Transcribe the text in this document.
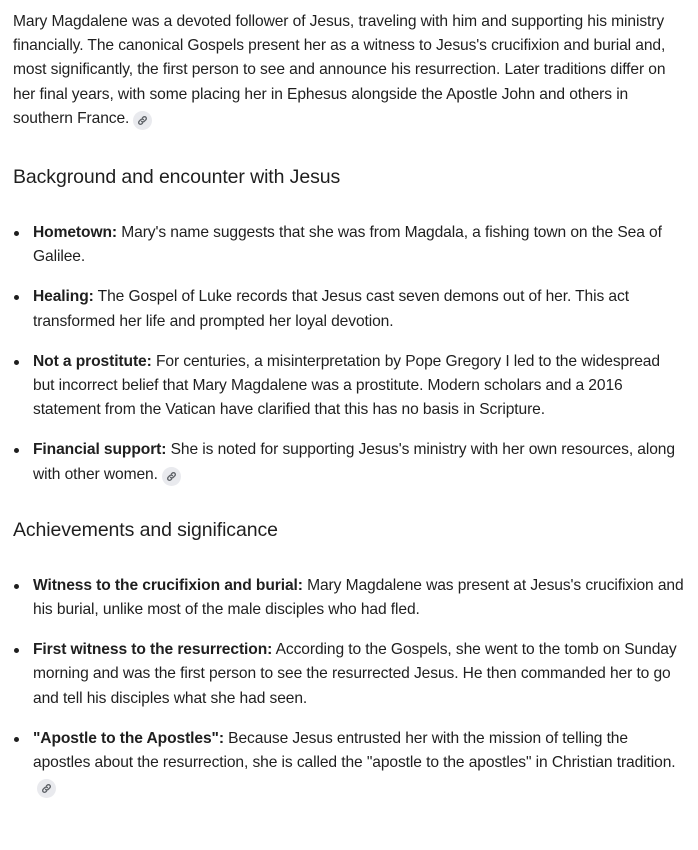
Mary Magdalene was a devoted follower of Jesus, traveling with him and supporting his ministry financially. The canonical Gospels present her as a witness to Jesus's crucifixion and burial and, most significantly, the first person to see and announce his resurrection. Later traditions differ on her final years, with some placing her in Ephesus alongside the Apostle John and others in southern France.

Background and encounter with Jesus
Hometown: Mary's name suggests that she was from Magdala, a fishing town on the Sea of Galilee.
Healing: The Gospel of Luke records that Jesus cast seven demons out of her. This act transformed her life and prompted her loyal devotion.
Not a prostitute: For centuries, a misinterpretation by Pope Gregory I led to the widespread but incorrect belief that Mary Magdalene was a prostitute. Modern scholars and a 2016 statement from the Vatican have clarified that this has no basis in Scripture.
Financial support: She is noted for supporting Jesus's ministry with her own resources, along with other women.
Achievements and significance
Witness to the crucifixion and burial: Mary Magdalene was present at Jesus's crucifixion and his burial, unlike most of the male disciples who had fled.
First witness to the resurrection: According to the Gospels, she went to the tomb on Sunday morning and was the first person to see the resurrected Jesus. He then commanded her to go and tell his disciples what she had seen.
"Apostle to the Apostles": Because Jesus entrusted her with the mission of telling the apostles about the resurrection, she is called the "apostle to the apostles" in Christian tradition.
